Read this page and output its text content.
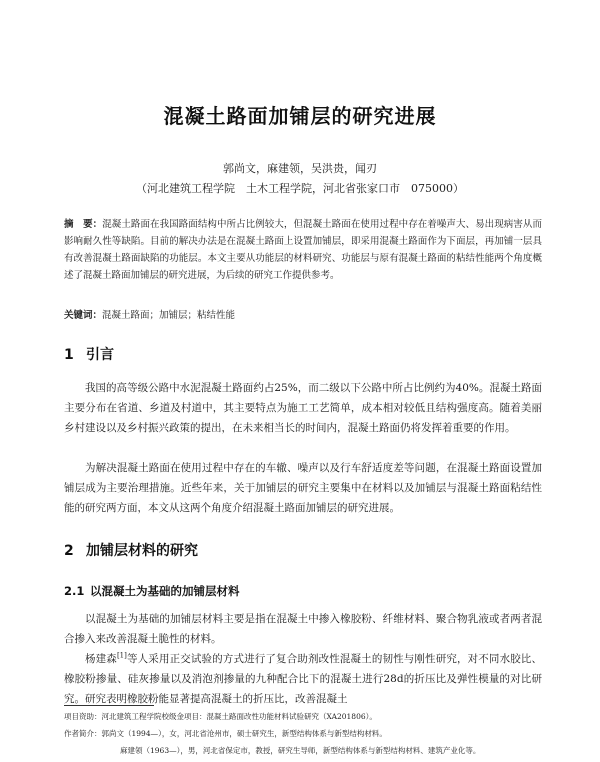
混凝土路面加铺层的研究进展
郭尚文，麻建领，吴洪贵，闻刃
（河北建筑工程学院　土木工程学院，河北省张家口市　075000）
摘　要：混凝土路面在我国路面结构中所占比例较大，但混凝土路面在使用过程中存在着噪声大、易出现病害从而影响耐久性等缺陷。目前的解决办法是在混凝土路面上设置加铺层，即采用混凝土路面作为下面层，再加铺一层具有改善混凝土路面缺陷的功能层。本文主要从功能层的材料研究、功能层与原有混凝土路面的粘结性能两个角度概述了混凝土路面加铺层的研究进展，为后续的研究工作提供参考。
关键词：混凝土路面；加铺层；粘结性能
1 引言
我国的高等级公路中水泥混凝土路面约占25%，而二级以下公路中所占比例约为40%。混凝土路面主要分布在省道、乡道及村道中，其主要特点为施工工艺简单，成本相对较低且结构强度高。随着美丽乡村建设以及乡村振兴政策的提出，在未来相当长的时间内，混凝土路面仍将发挥着重要的作用。
为解决混凝土路面在使用过程中存在的车辙、噪声以及行车舒适度差等问题，在混凝土路面设置加铺层成为主要治理措施。近些年来，关于加铺层的研究主要集中在材料以及加铺层与混凝土路面粘结性能的研究两方面，本文从这两个角度介绍混凝土路面加铺层的研究进展。
2 加铺层材料的研究
2.1 以混凝土为基础的加铺层材料
以混凝土为基础的加铺层材料主要是指在混凝土中掺入橡胶粉、纤维材料、聚合物乳液或者两者混合掺入来改善混凝土脆性的材料。
杨建森[1]等人采用正交试验的方式进行了复合助剂改性混凝土的韧性与刚性研究，对不同水胶比、橡胶粉掺量、硅灰掺量以及消泡剂掺量的九种配合比下的混凝土进行28d的折压比及弹性模量的对比研究。研究表明橡胶粉能显著提高混凝土的折压比，改善混凝土
项目资助：河北建筑工程学院校级金项目：混凝土路面改性功能材料试验研究（XA201806）。
作者简介：郭尚文（1994—），女，河北省沧州市，硕士研究生，新型结构体系与新型结构材料。
麻建领（1963—），男，河北省保定市，教授，研究生导师，新型结构体系与新型结构材料、建筑产业化等。
